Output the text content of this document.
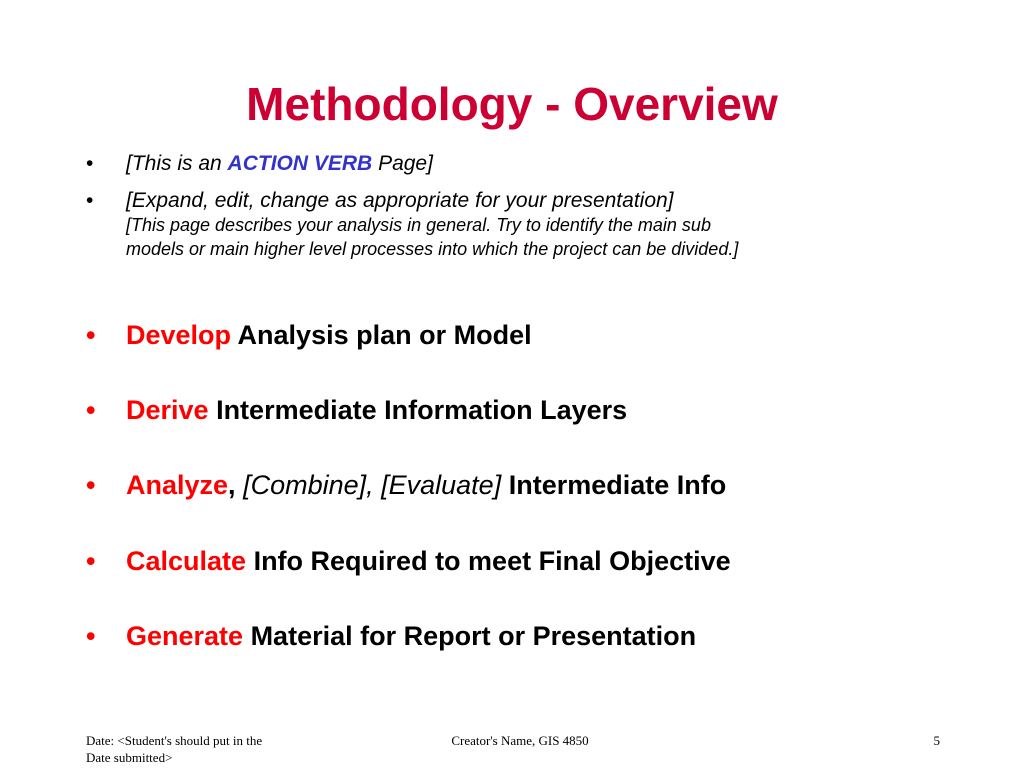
Methodology - Overview
• [This is an ACTION VERB Page]
• [Expand, edit, change as appropriate for your presentation]
[This page describes your analysis in general. Try to identify the main sub
models or main higher level processes into which the project can be divided.]
• Develop Analysis plan or Model
• Derive Intermediate Information Layers
• Analyze, [Combine], [Evaluate] Intermediate Info
• Calculate Info Required to meet Final Objective
• Generate Material for Report or Presentation
Date: <Student's should put in the
Date submitted>
Creator's Name, GIS 4850	5
